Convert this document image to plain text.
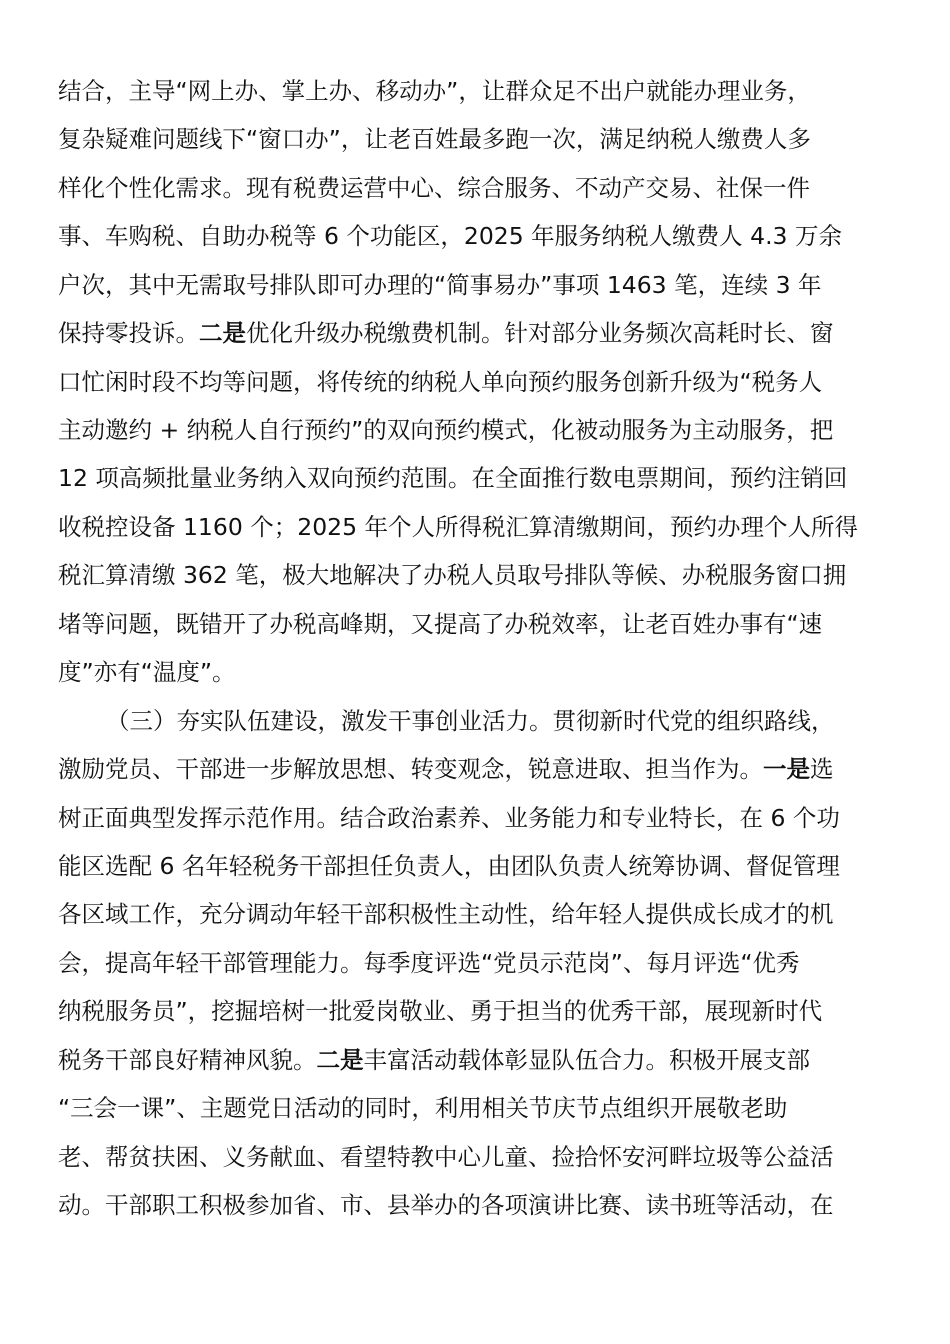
结合，主导“网上办、掌上办、移动办”，让群众足不出户就能办理业务，
复杂疑难问题线下“窗口办”，让老百姓最多跑一次，满足纳税人缴费人多
样化个性化需求。现有税费运营中心、综合服务、不动产交易、社保一件
事、车购税、自助办税等 6 个功能区，2025 年服务纳税人缴费人 4.3 万余
户次，其中无需取号排队即可办理的“简事易办”事项 1463 笔，连续 3 年
保持零投诉。二是优化升级办税缴费机制。针对部分业务频次高耗时长、窗
口忙闲时段不均等问题，将传统的纳税人单向预约服务创新升级为“税务人
主动邀约 + 纳税人自行预约”的双向预约模式，化被动服务为主动服务，把
12 项高频批量业务纳入双向预约范围。在全面推行数电票期间，预约注销回
收税控设备 1160 个；2025 年个人所得税汇算清缴期间，预约办理个人所得
税汇算清缴 362 笔，极大地解决了办税人员取号排队等候、办税服务窗口拥
堵等问题，既错开了办税高峰期，又提高了办税效率，让老百姓办事有“速
度”亦有“温度”。
（三）夯实队伍建设，激发干事创业活力。贯彻新时代党的组织路线，
激励党员、干部进一步解放思想、转变观念，锐意进取、担当作为。一是选
树正面典型发挥示范作用。结合政治素养、业务能力和专业特长，在 6 个功
能区选配 6 名年轻税务干部担任负责人，由团队负责人统筹协调、督促管理
各区域工作，充分调动年轻干部积极性主动性，给年轻人提供成长成才的机
会，提高年轻干部管理能力。每季度评选“党员示范岗”、每月评选“优秀
纳税服务员”，挖掘培树一批爱岗敬业、勇于担当的优秀干部，展现新时代
税务干部良好精神风貌。二是丰富活动载体彰显队伍合力。积极开展支部
“三会一课”、主题党日活动的同时，利用相关节庆节点组织开展敬老助
老、帮贫扶困、义务献血、看望特教中心儿童、捡拾怀安河畔垃圾等公益活
动。干部职工积极参加省、市、县举办的各项演讲比赛、读书班等活动，在
